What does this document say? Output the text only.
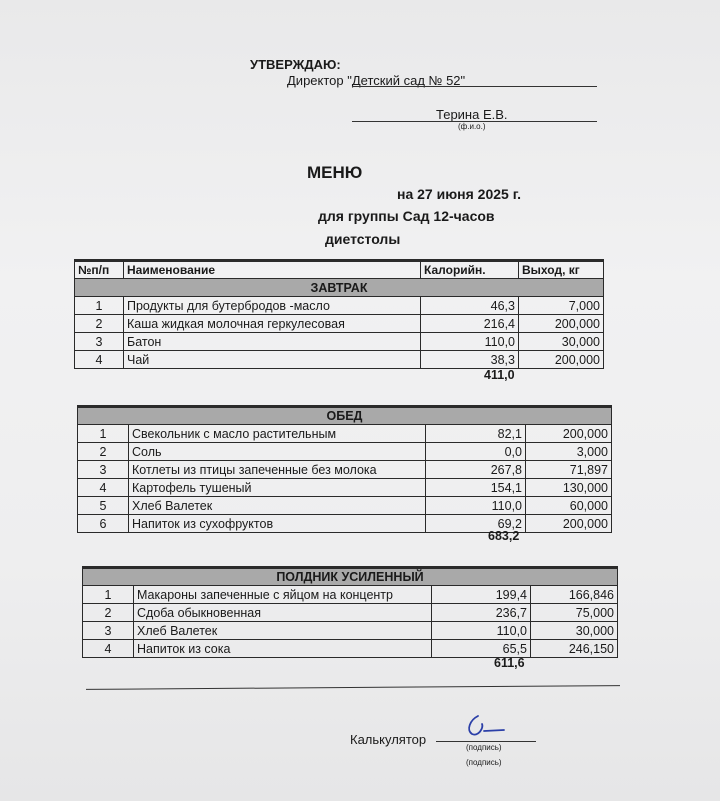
УТВЕРЖДАЮ:
Директор "Детский сад № 52"
Терина Е.В.
(ф.и.о.)
МЕНЮ
на 27 июня 2025 г.
для группы Сад 12-часов
диетстолы
№п/п	Наименование	Калорийн.	Выход, кг
ЗАВТРАК			
1	Продукты для бутербродов -масло	46,3	7,000
2	Каша жидкая молочная геркулесовая	216,4	200,000
3	Батон	110,0	30,000
4	Чай	38,3	200,000
411,0
ОБЕД			
1	Свекольник с масло растительным	82,1	200,000
2	Соль	0,0	3,000
3	Котлеты из птицы запеченные без молока	267,8	71,897
4	Картофель тушеный	154,1	130,000
5	Хлеб Валетек	110,0	60,000
6	Напиток из сухофруктов	69,2	200,000
683,2
ПОЛДНИК УСИЛЕННЫЙ			
1	Макароны запеченные с яйцом на концентр	199,4	166,846
2	Сдоба обыкновенная	236,7	75,000
3	Хлеб Валетек	110,0	30,000
4	Напиток из сока	65,5	246,150
611,6
Калькулятор
(подпись)
(подпись)
